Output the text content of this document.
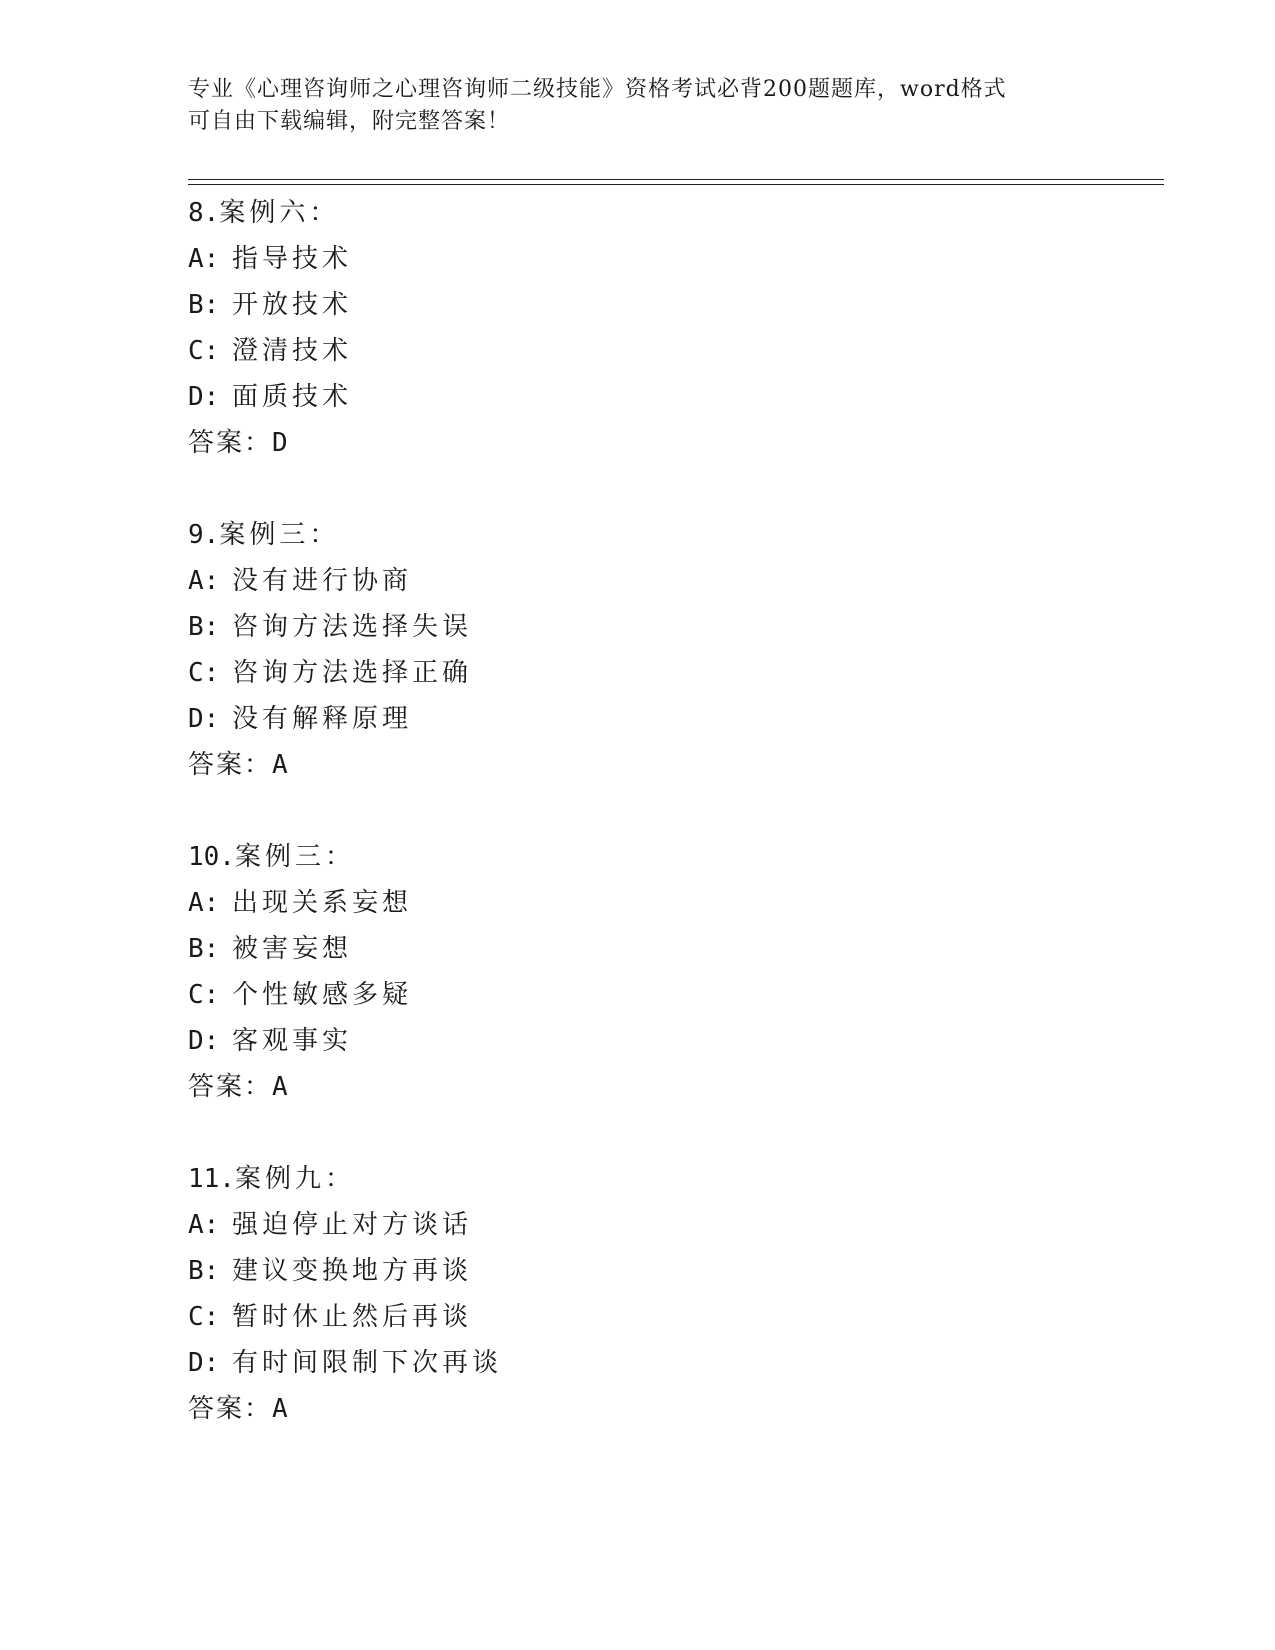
专业《心理咨询师之心理咨询师二级技能》资格考试必背200题题库，word格式
可自由下载编辑，附完整答案！
8.案例六：
A: 指导技术
B: 开放技术
C: 澄清技术
D: 面质技术
答案：D
9.案例三：
A: 没有进行协商
B: 咨询方法选择失误
C: 咨询方法选择正确
D: 没有解释原理
答案：A
10.案例三：
A: 出现关系妄想
B: 被害妄想
C: 个性敏感多疑
D: 客观事实
答案：A
11.案例九：
A: 强迫停止对方谈话
B: 建议变换地方再谈
C: 暂时休止然后再谈
D: 有时间限制下次再谈
答案：A
